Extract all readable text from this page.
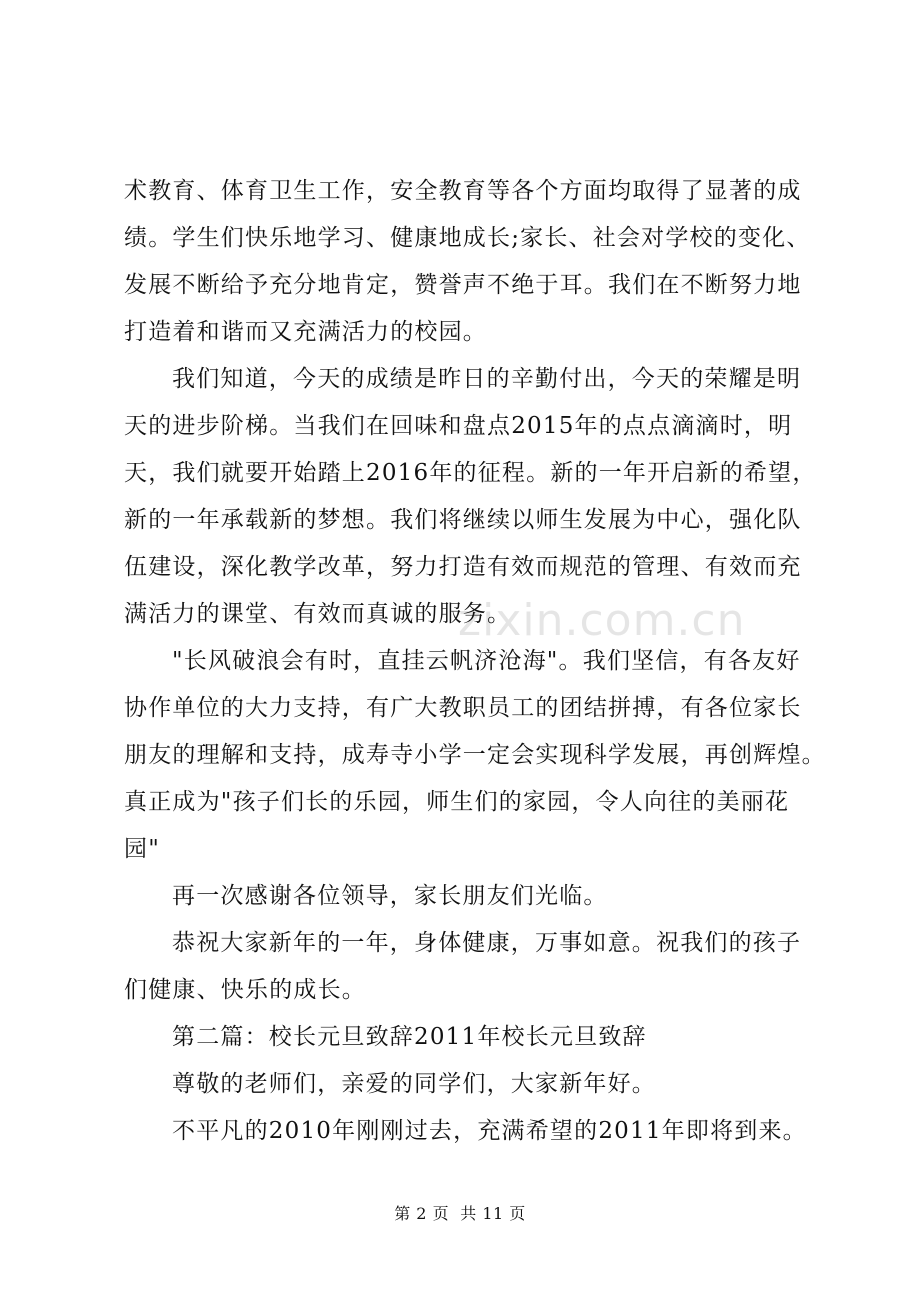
术教育、体育卫生工作，安全教育等各个方面均取得了显著的成
绩。学生们快乐地学习、健康地成长;家长、社会对学校的变化、
发展不断给予充分地肯定，赞誉声不绝于耳。我们在不断努力地
打造着和谐而又充满活力的校园。
我们知道，今天的成绩是昨日的辛勤付出，今天的荣耀是明
天的进步阶梯。当我们在回味和盘点2015年的点点滴滴时，明
天，我们就要开始踏上2016年的征程。新的一年开启新的希望，
新的一年承载新的梦想。我们将继续以师生发展为中心，强化队
伍建设，深化教学改革，努力打造有效而规范的管理、有效而充
满活力的课堂、有效而真诚的服务。
"长风破浪会有时，直挂云帆济沧海"。我们坚信，有各友好
协作单位的大力支持，有广大教职员工的团结拼搏，有各位家长
朋友的理解和支持，成寿寺小学一定会实现科学发展，再创辉煌。
真正成为"孩子们长的乐园，师生们的家园，令人向往的美丽花
园"
再一次感谢各位领导，家长朋友们光临。
恭祝大家新年的一年，身体健康，万事如意。祝我们的孩子
们健康、快乐的成长。
第二篇：校长元旦致辞2011年校长元旦致辞
尊敬的老师们，亲爱的同学们，大家新年好。
不平凡的2010年刚刚过去，充满希望的2011年即将到来。
zixin.com.cn
第 2 页  共 11 页
